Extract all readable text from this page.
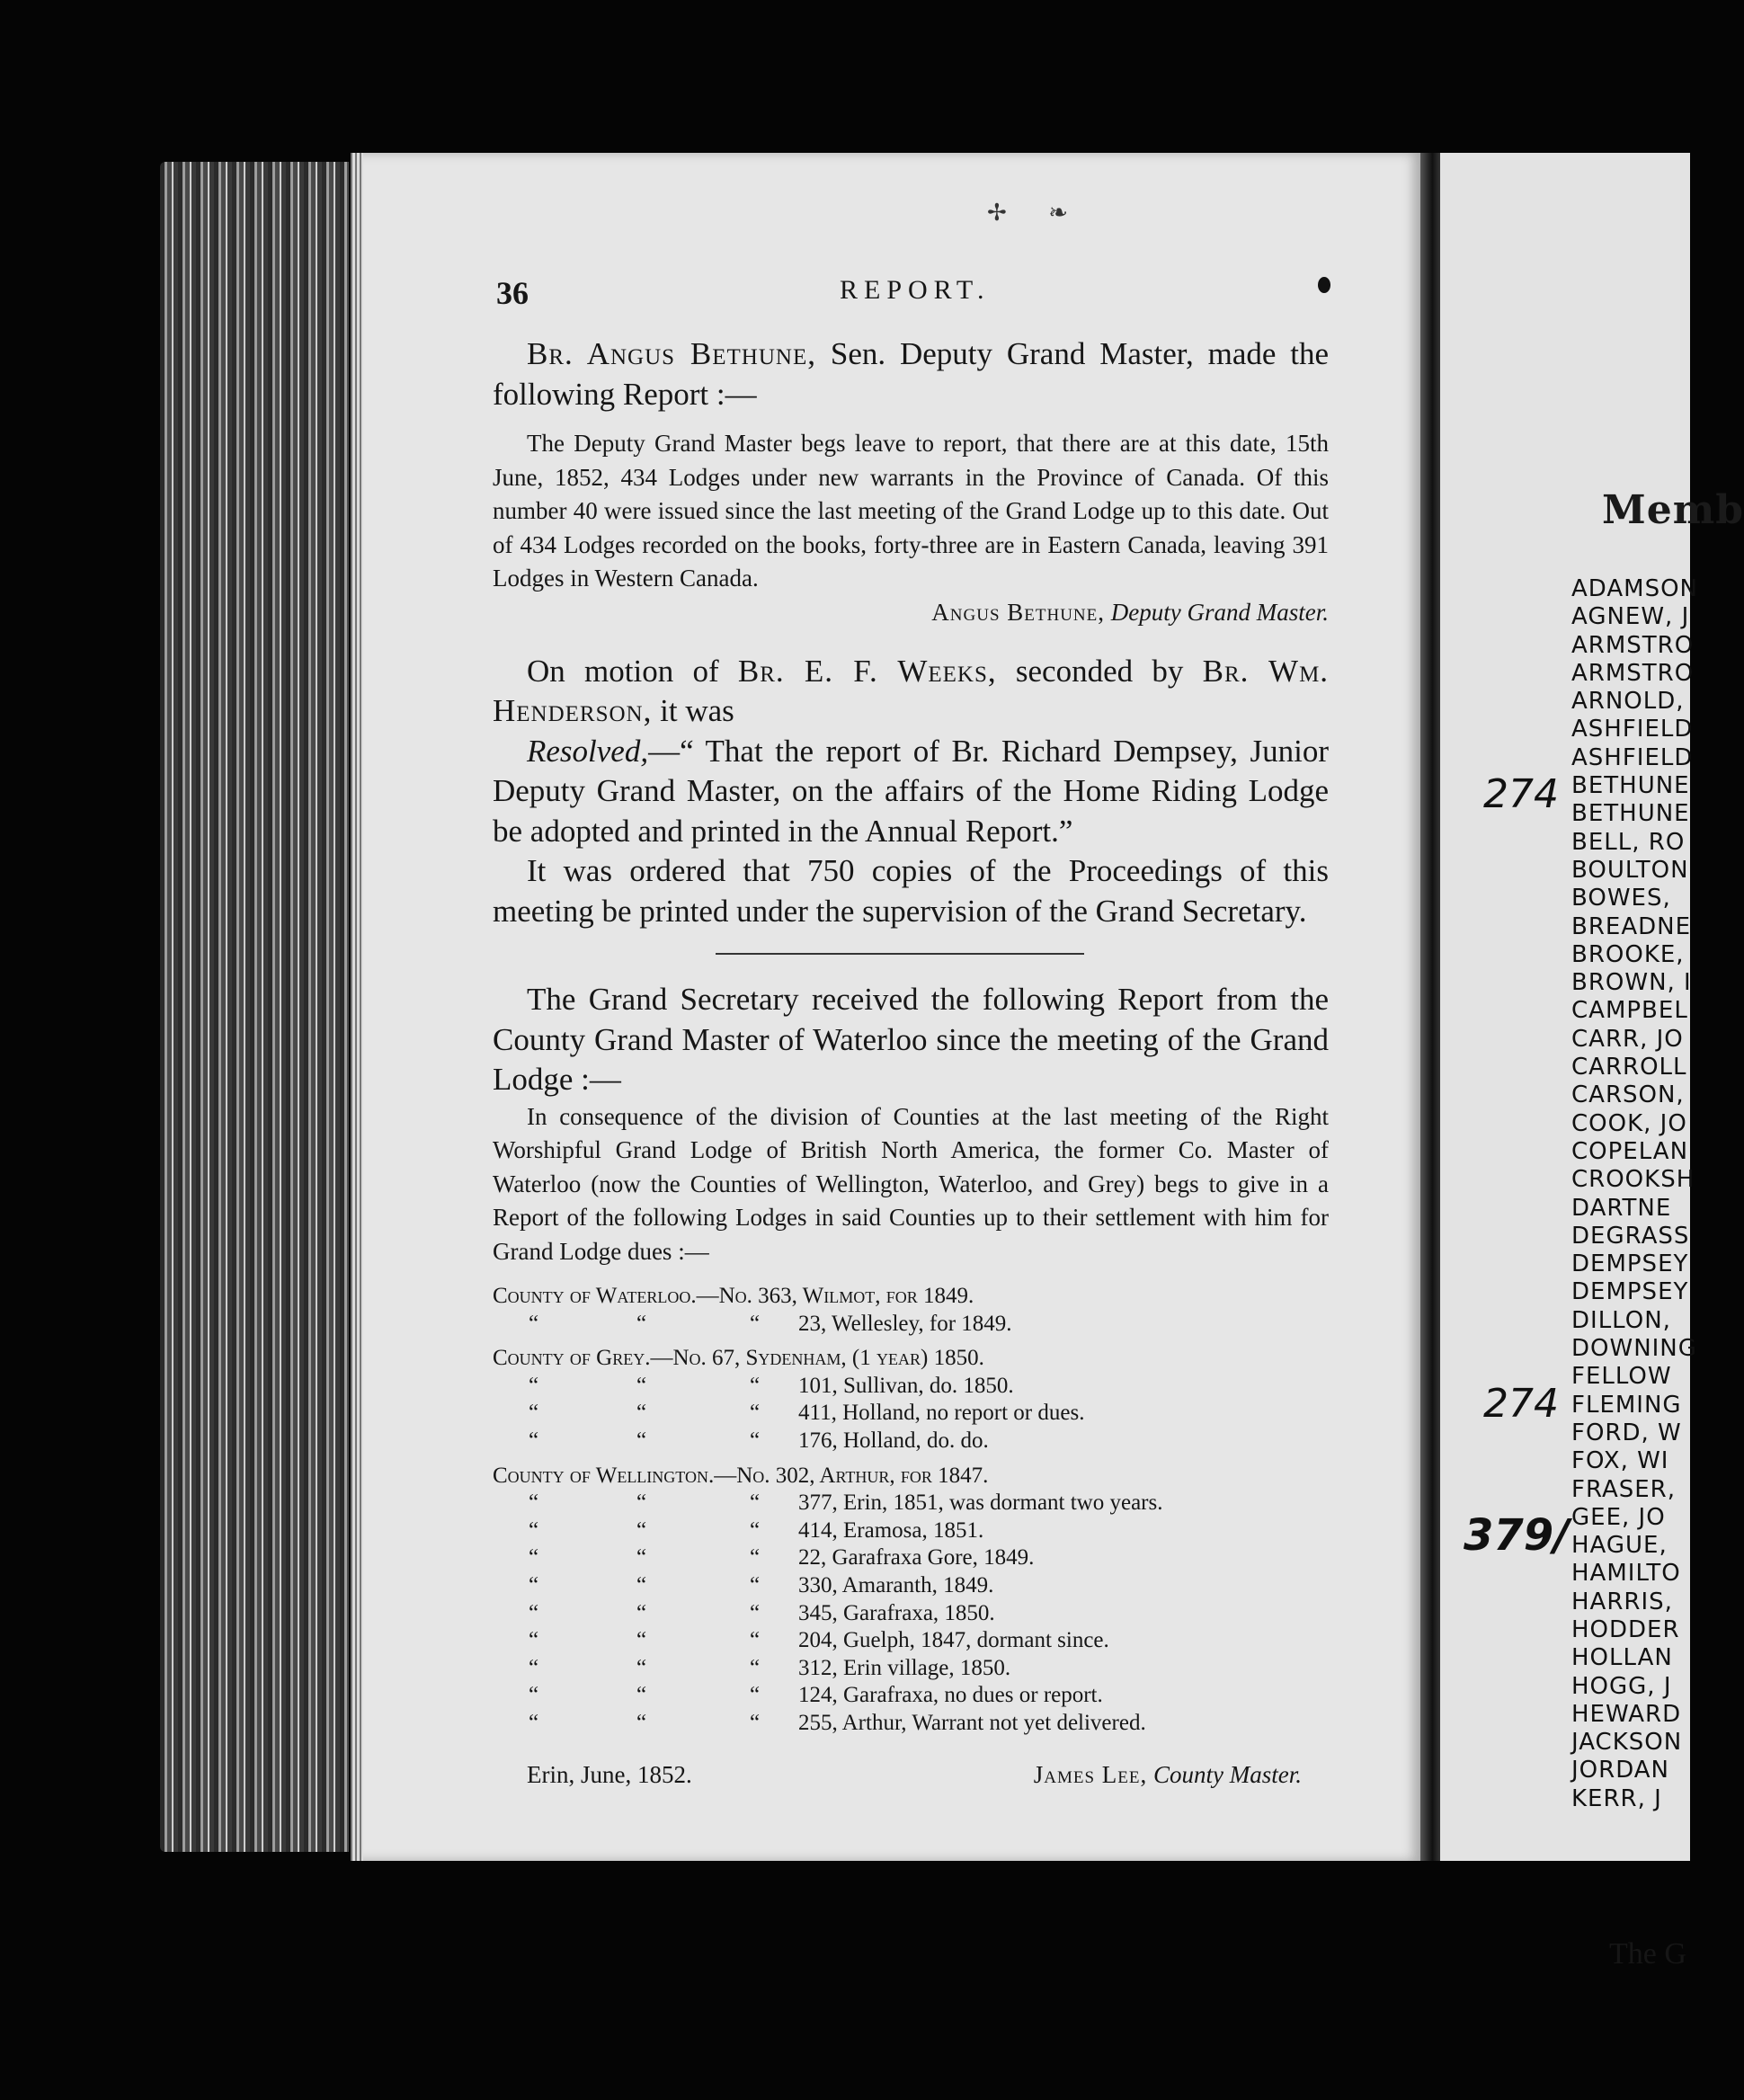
Memb
ADAMSON
AGNEW, J
ARMSTRO
ARMSTRO
ARNOLD,
ASHFIELD
ASHFIELD
BETHUNE
BETHUNE
BELL, RO
BOULTON
BOWES,
BREADNE
BROOKE,
BROWN, I
CAMPBEL
CARR, JO
CARROLL
CARSON,
COOK, JO
COPELAN
CROOKSH
DARTNE
DEGRASS
DEMPSEY
DEMPSEY
DILLON,
DOWNING
FELLOW
FLEMING
FORD, W
FOX, WI
FRASER,
GEE, JO
HAGUE,
HAMILTO
HARRIS,
HODDER
HOLLAN
HOGG, J
HEWARD
JACKSON
JORDAN
KERR, J
The G
✢ ❧
36	REPORT.

Br. Angus Bethune, Sen. Deputy Grand Master, made the following Report :—

The Deputy Grand Master begs leave to report, that there are at this date, 15th June, 1852, 434 Lodges under new warrants in the Province of Canada. Of this number 40 were issued since the last meeting of the Grand Lodge up to this date. Out of 434 Lodges recorded on the books, forty-three are in Eastern Canada, leaving 391 Lodges in Western Canada.

Angus Bethune, Deputy Grand Master.

On motion of Br. E. F. Weeks, seconded by Br. Wm. Henderson, it was

Resolved,—“ That the report of Br. Richard Dempsey, Junior Deputy Grand Master, on the affairs of the Home Riding Lodge be adopted and printed in the Annual Report.”

It was ordered that 750 copies of the Proceedings of this meeting be printed under the supervision of the Grand Secretary.

The Grand Secretary received the following Report from the County Grand Master of Waterloo since the meeting of the Grand Lodge :—

In consequence of the division of Counties at the last meeting of the Right Worshipful Grand Lodge of British North America, the former Co. Master of Waterloo (now the Counties of Wellington, Waterloo, and Grey) begs to give in a Report of the following Lodges in said Counties up to their settlement with him for Grand Lodge dues :—

County of Waterloo.—No. 363, Wilmot, for 1849.			
“	“	“	23, Wellesley, for 1849.
County of Grey.—No. 67, Sydenham, (1 year) 1850.			
“	“	“	101, Sullivan, do. 1850.
“	“	“	411, Holland, no report or dues.
“	“	“	176, Holland, do. do.
County of Wellington.—No. 302, Arthur, for 1847.			
“	“	“	377, Erin, 1851, was dormant two years.
“	“	“	414, Eramosa, 1851.
“	“	“	22, Garafraxa Gore, 1849.
“	“	“	330, Amaranth, 1849.
“	“	“	345, Garafraxa, 1850.
“	“	“	204, Guelph, 1847, dormant since.
“	“	“	312, Erin village, 1850.
“	“	“	124, Garafraxa, no dues or report.
“	“	“	255, Arthur, Warrant not yet delivered.
Erin, June, 1852.	James Lee, County Master.
274
274
379/
